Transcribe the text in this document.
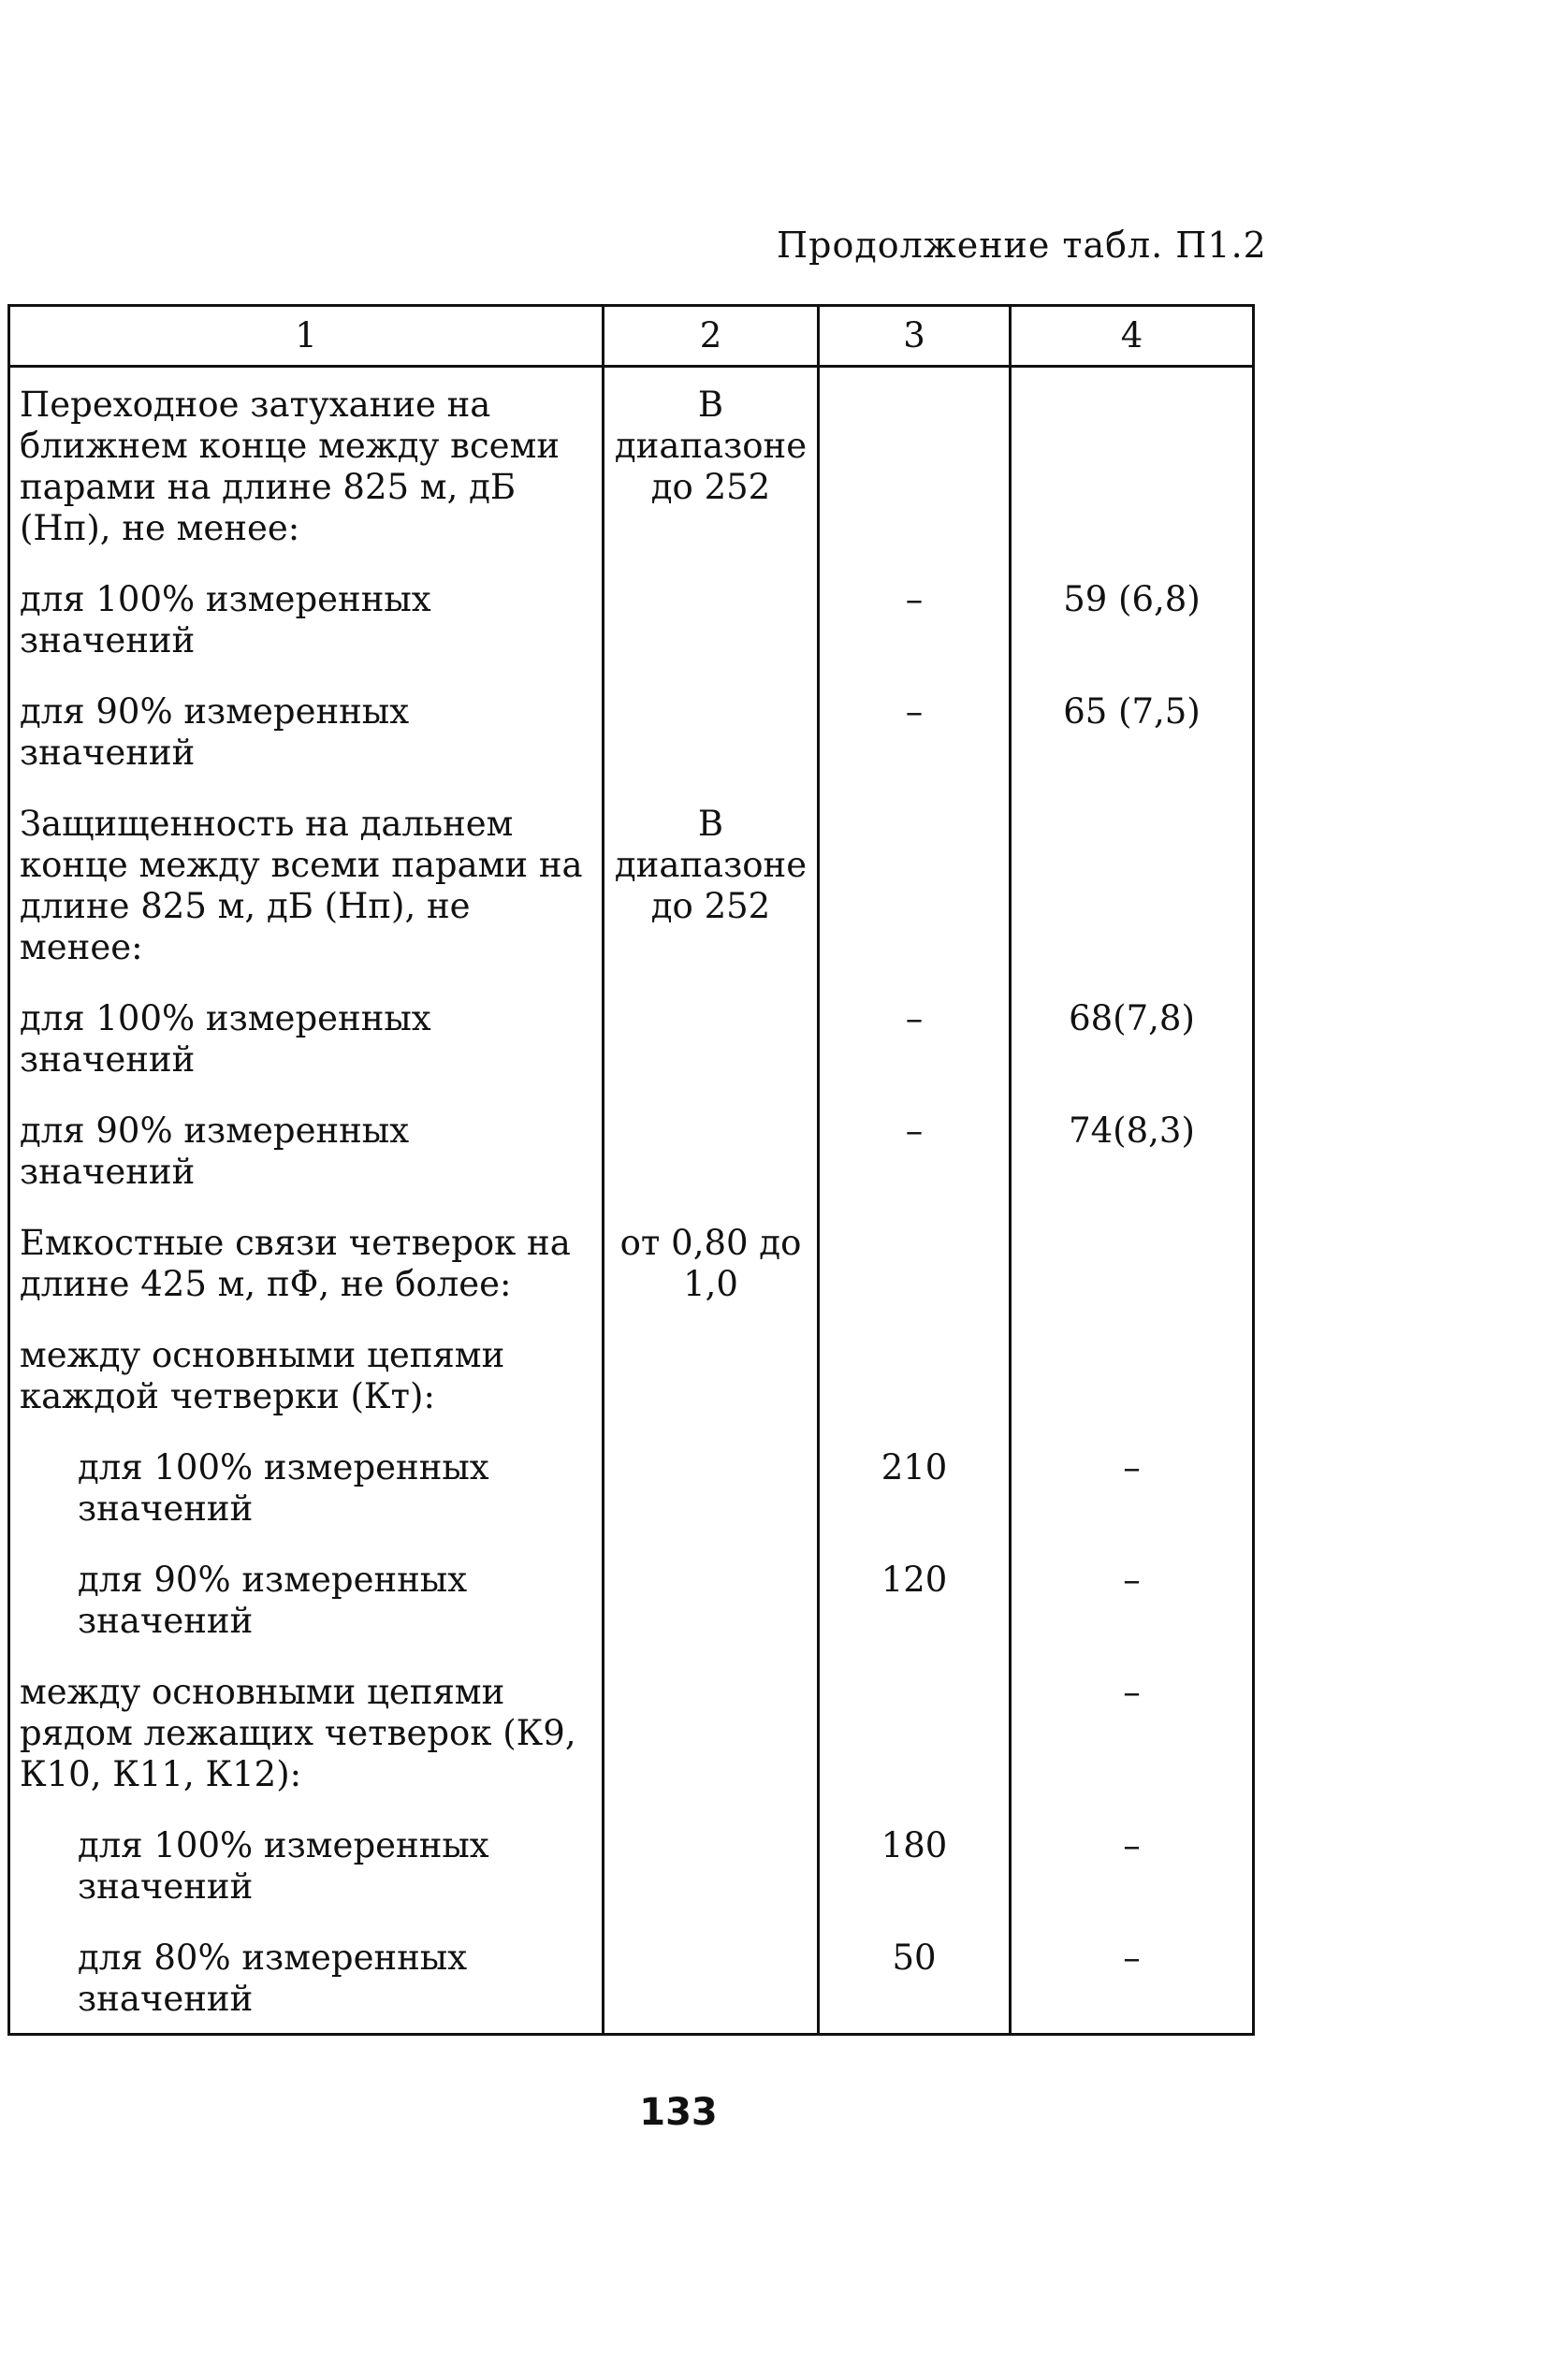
Продолжение табл. П1.2
1	2	3	4
Переходное затухание на ближнем конце между всеми парами на длине 825 м, дБ (Нп), не менее:	В диапазоне до 252		
для 100% измеренных значений		–	59 (6,8)
для 90% измеренных значений		–	65 (7,5)
Защищенность на дальнем конце между всеми парами на длине 825 м, дБ (Нп), не менее:	В диапазоне до 252		
для 100% измеренных значений		–	68(7,8)
для 90% измеренных значений		–	74(8,3)
Емкостные связи четверок на длине 425 м, пФ, не более:	от 0,80 до 1,0		
между основными цепями каждой четверки (Кт):			
для 100% измеренных значений		210	–
для 90% измеренных значений		120	–
между основными цепями рядом лежащих четверок (К9, К10, К11, К12):			–
для 100% измеренных значений		180	–
для 80% измеренных значений		50	–
133
